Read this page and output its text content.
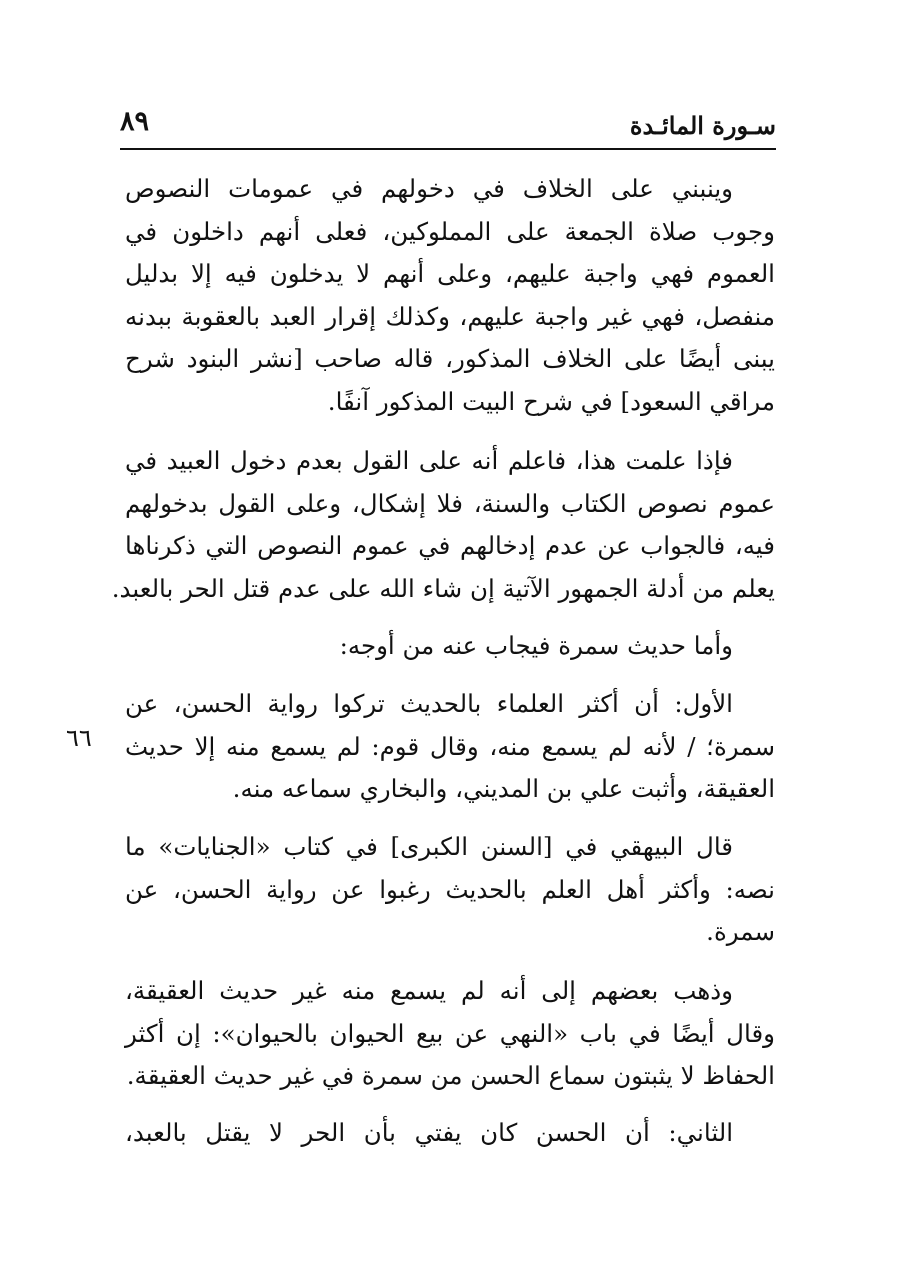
٨٩	سـورة المائـدة
٦٦
وينبني على الخلاف في دخولهم في عمومات النصوص
وجوب صلاة الجمعة على المملوكين، فعلى أنهم داخلون في
العموم فهي واجبة عليهم، وعلى أنهم لا يدخلون فيه إلا بدليل
منفصل، فهي غير واجبة عليهم، وكذلك إقرار العبد بالعقوبة ببدنه
يبنى أيضًا على الخلاف المذكور، قاله صاحب [نشر البنود شرح
مراقي السعود] في شرح البيت المذكور آنفًا.
فإذا علمت هذا، فاعلم أنه على القول بعدم دخول العبيد في
عموم نصوص الكتاب والسنة، فلا إشكال، وعلى القول بدخولهم
فيه، فالجواب عن عدم إدخالهم في عموم النصوص التي ذكرناها
يعلم من أدلة الجمهور الآتية إن شاء الله على عدم قتل الحر بالعبد.
وأما حديث سمرة فيجاب عنه من أوجه:
الأول: أن أكثر العلماء بالحديث تركوا رواية الحسن، عن
سمرة؛ / لأنه لم يسمع منه، وقال قوم: لم يسمع منه إلا حديث
العقيقة، وأثبت علي بن المديني، والبخاري سماعه منه.
قال البيهقي في [السنن الكبرى] في كتاب «الجنايات» ما
نصه: وأكثر أهل العلم بالحديث رغبوا عن رواية الحسن، عن
سمرة.
وذهب بعضهم إلى أنه لم يسمع منه غير حديث العقيقة،
وقال أيضًا في باب «النهي عن بيع الحيوان بالحيوان»: إن أكثر
الحفاظ لا يثبتون سماع الحسن من سمرة في غير حديث العقيقة.
الثاني: أن الحسن كان يفتي بأن الحر لا يقتل بالعبد،
